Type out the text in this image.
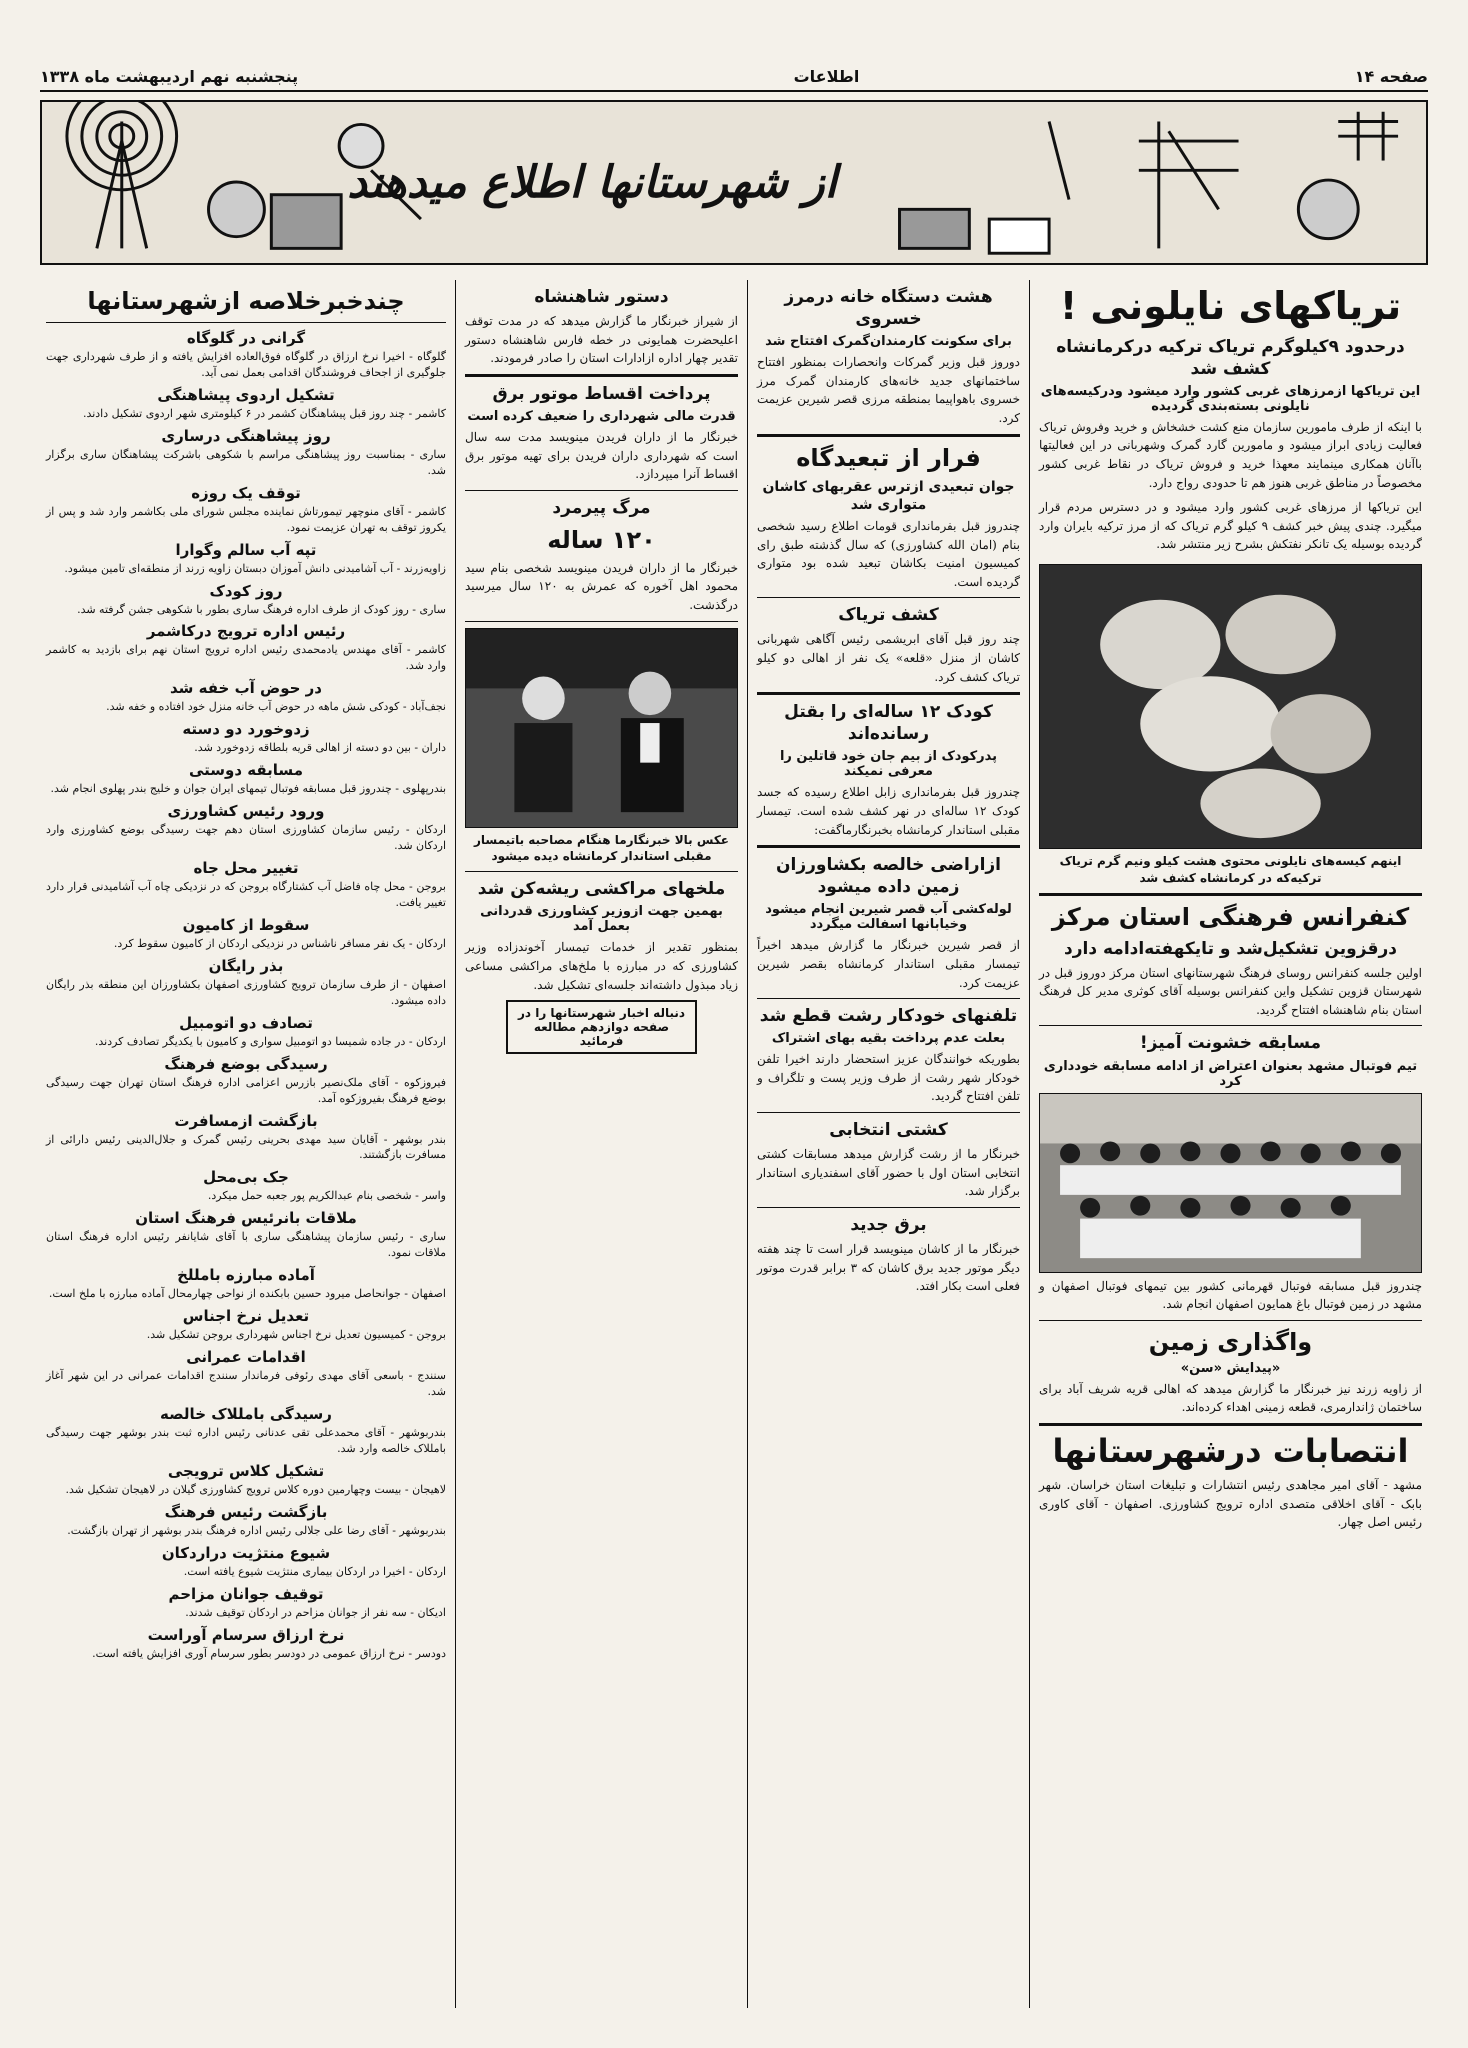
صفحه ۱۴
اطلاعات
پنجشنبه نهم اردیبهشت ماه ۱۳۳۸
از شهرستانها اطلاع میدهند
تریاکهای نایلونی !
درحدود ۹کیلوگرم تریاک ترکیه درکرمانشاه کشف شد
این تریاکها ازمرزهای غربی کشور وارد میشود ودرکیسه‌های نایلونی بسته‌بندی گردیده

با اینکه از طرف مامورین سازمان منع کشت خشخاش و خرید وفروش تریاک فعالیت زیادی ابراز میشود و مامورین گارد گمرک وشهربانی در این فعالیتها باآنان همکاری مینمایند معهذا خرید و فروش تریاک در نقاط غربی کشور مخصوصاً در مناطق غربی هنوز هم تا حدودی رواج دارد.

این تریاکها از مرزهای غربی کشور وارد میشود و در دسترس مردم قرار میگیرد. چندی پیش خبر کشف ۹ کیلو گرم تریاک که از مرز ترکیه بایران وارد گردیده بوسیله یک تانکر نفتکش بشرح زیر منتشر شد.

اینهم کیسه‌های نایلونی محتوی هشت کیلو ونیم گرم تریاک ترکیه‌که در کرمانشاه کشف شد
کنفرانس فرهنگی استان مرکز
درقزوین تشکیل‌شد و تایکهفته‌ادامه دارد

اولین جلسه کنفرانس روسای فرهنگ شهرستانهای استان مرکز دوروز قبل در شهرستان قزوین تشکیل واین کنفرانس بوسیله آقای کوثری مدیر کل فرهنگ استان بنام شاهنشاه افتتاح گردید.

مسابقه خشونت آمیز!
تیم فوتبال مشهد بعنوان اعتراض از ادامه مسابقه خودداری کرد

چندروز قبل مسابقه فوتبال قهرمانی کشور بین تیمهای فوتبال اصفهان و مشهد در زمین فوتبال باغ همایون اصفهان انجام شد.

واگذاری زمین
«پیدایش «سن»

از زاویه زرند نیز خبرنگار ما گزارش میدهد که اهالی قریه شریف آباد برای ساختمان ژاندارمری، قطعه زمینی اهداء کرده‌اند.

انتصابات درشهرستانها

مشهد - آقای امیر مجاهدی رئیس انتشارات و تبلیغات استان خراسان. شهر بابک - آقای اخلاقی متصدی اداره ترویج کشاورزی. اصفهان - آقای کاوری رئیس اصل چهار.

هشت دستگاه خانه درمرز خسروی
برای سکونت کارمندان‌گمرک افتتاح شد

دوروز قبل وزیر گمرکات وانحصارات بمنظور افتتاح ساختمانهای جدید خانه‌های کارمندان گمرک مرز خسروی باهواپیما بمنطقه مرزی قصر شیرین عزیمت کرد.

فرار از تبعیدگاه
جوان تبعیدی ازترس عقربهای کاشان متواری شد

چندروز قبل بفرمانداری قومات اطلاع رسید شخصی بنام (امان الله کشاورزی) که سال گذشته طبق رای کمیسیون امنیت بکاشان تبعید شده بود متواری گردیده است.

کشف تریاک

چند روز قبل آقای ابریشمی رئیس آگاهی شهربانی کاشان از منزل «قلعه» یک نفر از اهالی دو کیلو تریاک کشف کرد.

کودک ۱۲ ساله‌ای را بقتل رسانده‌اند
پدرکودک از بیم جان خود قاتلین را معرفی نمیکند

چندروز قبل بفرمانداری زابل اطلاع رسیده که جسد کودک ۱۲ ساله‌ای در نهر کشف شده است. تیمسار مقبلی استاندار کرمانشاه بخبرنگارماگفت:

ازاراضی خالصه بکشاورزان زمین داده میشود
لوله‌کشی آب قصر شیرین انجام میشود وخیابانها اسفالت میگردد

از قصر شیرین خبرنگار ما گزارش میدهد اخیراً تیمسار مقبلی استاندار کرمانشاه بقصر شیرین عزیمت کرد.

تلفنهای خودکار رشت قطع شد
بعلت عدم پرداخت بقیه بهای اشتراک

بطوریکه خوانندگان عزیز استحضار دارند اخیرا تلفن خودکار شهر رشت از طرف وزیر پست و تلگراف و تلفن افتتاح گردید.

کشتی انتخابی

خبرنگار ما از رشت گزارش میدهد مسابقات کشتی انتخابی استان اول با حضور آقای اسفندیاری استاندار برگزار شد.

برق جدید

خبرنگار ما از کاشان مینویسد قرار است تا چند هفته دیگر موتور جدید برق کاشان که ۳ برابر قدرت موتور فعلی است بکار افتد.

دستور شاهنشاه

از شیراز خبرنگار ما گزارش میدهد که در مدت توقف اعلیحضرت همایونی در خطه فارس شاهنشاه دستور تقدیر چهار اداره ازادارات استان را صادر فرمودند.

پرداخت اقساط موتور برق
قدرت مالی شهرداری را ضعیف کرده است

خبرنگار ما از داران فریدن مینویسد مدت سه سال است که شهرداری داران فریدن برای تهیه موتور برق اقساط آنرا میپردازد.

مرگ پیرمرد
۱۲۰ ساله

خبرنگار ما از داران فریدن مینویسد شخصی بنام سید محمود اهل آخوره که عمرش به ۱۲۰ سال میرسید درگذشت.

عکس بالا خبرنگارما هنگام مصاحبه باتیمسار مقبلی استاندار کرمانشاه دیده میشود
ملخهای مراکشی ریشه‌کن شد
بهمین جهت ازوزیر کشاورزی قدردانی بعمل آمد

بمنظور تقدیر از خدمات تیمسار آخوندزاده وزیر کشاورزی که در مبارزه با ملخ‌های مراکشی مساعی زیاد مبذول داشته‌اند جلسه‌ای تشکیل شد.

دنباله اخبار شهرستانها را در صفحه دوازدهم مطالعه فرمائید
چندخبرخلاصه ازشهرستانها
گرانی در گلوگاه

گلوگاه - اخیرا نرخ ارزاق در گلوگاه فوق‌العاده افزایش یافته و از طرف شهرداری جهت جلوگیری از اجحاف فروشندگان اقدامی بعمل نمی آید.

تشکیل اردوی پیشاهنگی

کاشمر - چند روز قبل پیشاهنگان کشمر در ۶ کیلومتری شهر اردوی تشکیل دادند.

روز پیشاهنگی درساری

ساری - بمناسبت روز پیشاهنگی مراسم با شکوهی باشرکت پیشاهنگان ساری برگزار شد.

توقف یک روزه

کاشمر - آقای منوچهر تیمورتاش نماینده مجلس شورای ملی بکاشمر وارد شد و پس از یکروز توقف به تهران عزیمت نمود.

تپه آب سالم وگوارا

زاویه‌زرند - آب آشامیدنی دانش آموزان دبستان زاویه زرند از منطقه‌ای تامین میشود.

روز کودک

ساری - روز کودک از طرف اداره فرهنگ ساری بطور با شکوهی جشن گرفته شد.

رئیس اداره ترویج درکاشمر

کاشمر - آقای مهندس یادمحمدی رئیس اداره ترویج استان نهم برای بازدید به کاشمر وارد شد.

در حوض آب خفه شد

نجف‌آباد - کودکی شش ماهه در حوض آب خانه منزل خود افتاده و خفه شد.

زدوخورد دو دسته

داران - بین دو دسته از اهالی قریه بلطاقه زدوخورد شد.

مسابقه دوستی

بندرپهلوی - چندروز قبل مسابقه فوتبال تیمهای ایران جوان و خلیج بندر پهلوی انجام شد.

ورود رئیس کشاورزی

اردکان - رئیس سازمان کشاورزی استان دهم جهت رسیدگی بوضع کشاورزی وارد اردکان شد.

تغییر محل جاه

بروجن - محل چاه فاضل آب کشتارگاه بروجن که در نزدیکی چاه آب آشامیدنی قرار دارد تغییر یافت.

سقوط از کامیون

اردکان - یک نفر مسافر ناشناس در نزدیکی اردکان از کامیون سقوط کرد.

بذر رایگان

اصفهان - از طرف سازمان ترویج کشاورزی اصفهان بکشاورزان این منطقه بذر رایگان داده میشود.

تصادف دو اتومبیل

اردکان - در جاده شمیسا دو اتومبیل سواری و کامیون با یکدیگر تصادف کردند.

رسیدگی بوضع فرهنگ

فیروزکوه - آقای ملک‌نصیر بازرس اعزامی اداره فرهنگ استان تهران جهت رسیدگی بوضع فرهنگ بفیروزکوه آمد.

بازگشت ازمسافرت

بندر بوشهر - آقایان سید مهدی بحرینی رئیس گمرک و جلال‌الدینی رئیس دارائی از مسافرت بازگشتند.

جک بی‌محل

واسر - شخصی بنام عبدالکریم پور جعبه حمل میکرد.

ملاقات بانرئیس فرهنگ استان

ساری - رئیس سازمان پیشاهنگی ساری با آقای شایانفر رئیس اداره فرهنگ استان ملاقات نمود.

آماده مبارزه بامللخ

اصفهان - جوانحاصل میرود حسین بابکنده از نواحی چهارمحال آماده مبارزه با ملخ است.

تعدیل نرخ اجناس

بروجن - کمیسیون تعدیل نرخ اجناس شهرداری بروجن تشکیل شد.

اقدامات عمرانی

سنندج - باسعی آقای مهدی رئوفی فرماندار سنندج اقدامات عمرانی در این شهر آغاز شد.

رسیدگی بامللاک خالصه

بندربوشهر - آقای محمدعلی تقی عدنانی رئیس اداره ثبت بندر بوشهر جهت رسیدگی بامللاک خالصه وارد شد.

تشکیل کلاس ترویجی

لاهیجان - بیست وچهارمین دوره کلاس ترویج کشاورزی گیلان در لاهیجان تشکیل شد.

بازگشت رئیس فرهنگ

بندربوشهر - آقای رضا علی جلالی رئیس اداره فرهنگ بندر بوشهر از تهران بازگشت.

شیوع منتژیت دراردکان

اردکان - اخیرا در اردکان بیماری منتژیت شیوع یافته است.

توقیف جوانان مزاحم

ادیکان - سه نفر از جوانان مزاحم در اردکان توقیف شدند.

نرخ ارزاق سرسام آوراست

دودسر - نرخ ارزاق عمومی در دودسر بطور سرسام آوری افزایش یافته است.
